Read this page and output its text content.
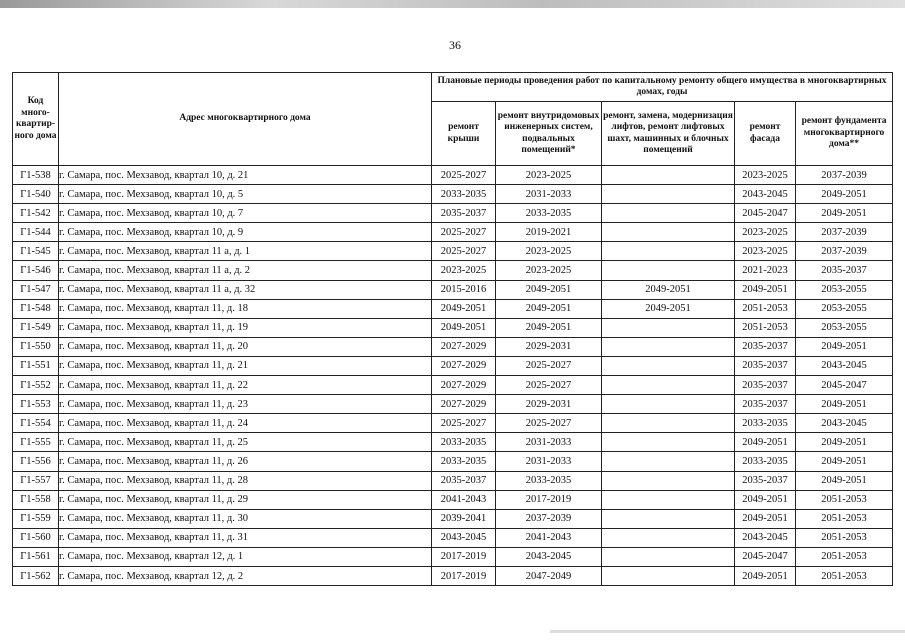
36
Код много-квартир-ного дома	Адрес многоквартирного дома	Плановые периоды проведения работ по капитальному ремонту общего имущества в многоквартирных домах, годы				
		ремонт крыши	ремонт внутридомовых инженерных систем, подвальных помещений*	ремонт, замена, модернизация лифтов, ремонт лифтовых шахт, машинных и блочных помещений	ремонт фасада	ремонт фундамента многоквартирного дома**
Г1-538	г. Самара, пос. Мехзавод, квартал 10, д. 21	2025-2027	2023-2025		2023-2025	2037-2039
Г1-540	г. Самара, пос. Мехзавод, квартал 10, д. 5	2033-2035	2031-2033		2043-2045	2049-2051
Г1-542	г. Самара, пос. Мехзавод, квартал 10, д. 7	2035-2037	2033-2035		2045-2047	2049-2051
Г1-544	г. Самара, пос. Мехзавод, квартал 10, д. 9	2025-2027	2019-2021		2023-2025	2037-2039
Г1-545	г. Самара, пос. Мехзавод, квартал 11 а, д. 1	2025-2027	2023-2025		2023-2025	2037-2039
Г1-546	г. Самара, пос. Мехзавод, квартал 11 а, д. 2	2023-2025	2023-2025		2021-2023	2035-2037
Г1-547	г. Самара, пос. Мехзавод, квартал 11 а, д. 32	2015-2016	2049-2051	2049-2051	2049-2051	2053-2055
Г1-548	г. Самара, пос. Мехзавод, квартал 11, д. 18	2049-2051	2049-2051	2049-2051	2051-2053	2053-2055
Г1-549	г. Самара, пос. Мехзавод, квартал 11, д. 19	2049-2051	2049-2051		2051-2053	2053-2055
Г1-550	г. Самара, пос. Мехзавод, квартал 11, д. 20	2027-2029	2029-2031		2035-2037	2049-2051
Г1-551	г. Самара, пос. Мехзавод, квартал 11, д. 21	2027-2029	2025-2027		2035-2037	2043-2045
Г1-552	г. Самара, пос. Мехзавод, квартал 11, д. 22	2027-2029	2025-2027		2035-2037	2045-2047
Г1-553	г. Самара, пос. Мехзавод, квартал 11, д. 23	2027-2029	2029-2031		2035-2037	2049-2051
Г1-554	г. Самара, пос. Мехзавод, квартал 11, д. 24	2025-2027	2025-2027		2033-2035	2043-2045
Г1-555	г. Самара, пос. Мехзавод, квартал 11, д. 25	2033-2035	2031-2033		2049-2051	2049-2051
Г1-556	г. Самара, пос. Мехзавод, квартал 11, д. 26	2033-2035	2031-2033		2033-2035	2049-2051
Г1-557	г. Самара, пос. Мехзавод, квартал 11, д. 28	2035-2037	2033-2035		2035-2037	2049-2051
Г1-558	г. Самара, пос. Мехзавод, квартал 11, д. 29	2041-2043	2017-2019		2049-2051	2051-2053
Г1-559	г. Самара, пос. Мехзавод, квартал 11, д. 30	2039-2041	2037-2039		2049-2051	2051-2053
Г1-560	г. Самара, пос. Мехзавод, квартал 11, д. 31	2043-2045	2041-2043		2043-2045	2051-2053
Г1-561	г. Самара, пос. Мехзавод, квартал 12, д. 1	2017-2019	2043-2045		2045-2047	2051-2053
Г1-562	г. Самара, пос. Мехзавод, квартал 12, д. 2	2017-2019	2047-2049		2049-2051	2051-2053
